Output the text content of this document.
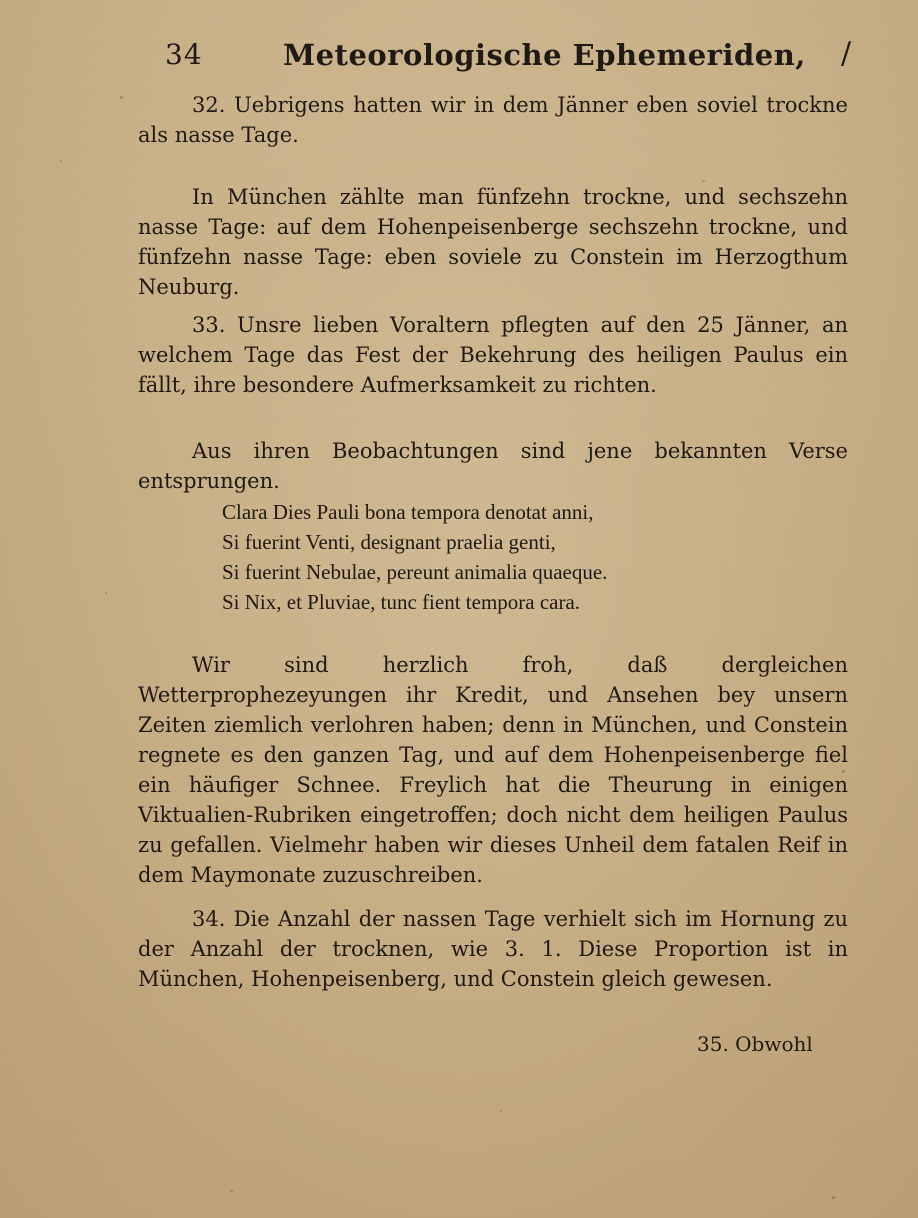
34	Meteorologische Ephemeriden, /

32. Uebrigens hatten wir in dem Jänner eben soviel trockne als nasse Tage.

In München zählte man fünfzehn trockne, und sechszehn nasse Tage: auf dem Hohenpeisenberge sechszehn trockne, und fünfzehn nasse Tage: eben soviele zu Constein im Herzogthum Neuburg.

33. Unsre lieben Voraltern pflegten auf den 25 Jänner, an welchem Tage das Fest der Bekehrung des heiligen Paulus ein fällt, ihre besondere Aufmerksamkeit zu richten.

Aus ihren Beobachtungen sind jene bekannten Verse entsprungen.

Clara Dies Pauli bona tempora denotat anni,
Si fuerint Venti, designant praelia genti,
Si fuerint Nebulae, pereunt animalia quaeque.
Si Nix, et Pluviae, tunc fient tempora cara.

Wir sind herzlich froh, daß dergleichen Wetterprophezeyungen ihr Kredit, und Ansehen bey unsern Zeiten ziemlich verlohren haben; denn in München, und Constein regnete es den ganzen Tag, und auf dem Hohenpeisenberge fiel ein häufiger Schnee. Freylich hat die Theurung in einigen Viktualien-Rubriken eingetroffen; doch nicht dem heiligen Paulus zu gefallen. Vielmehr haben wir dieses Unheil dem fatalen Reif in dem Maymonate zuzuschreiben.

34. Die Anzahl der nassen Tage verhielt sich im Hornung zu der Anzahl der trocknen, wie 3. 1. Diese Proportion ist in München, Hohenpeisenberg, und Constein gleich gewesen.

35. Obwohl
